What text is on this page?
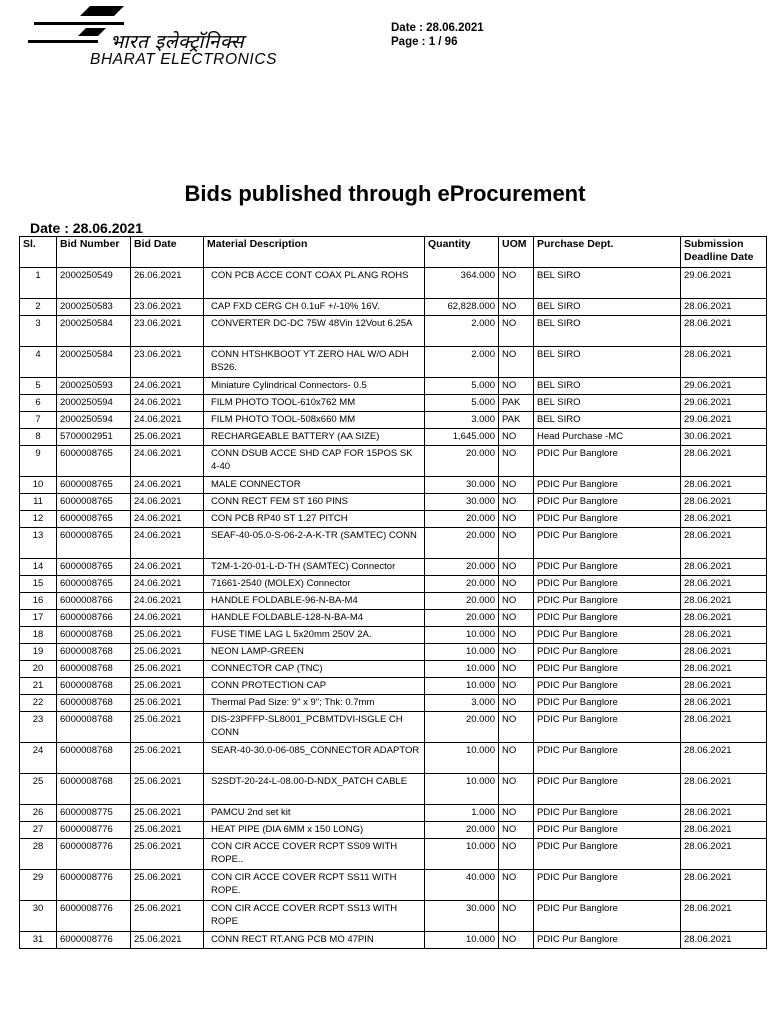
भारत इलेक्ट्रॉनिक्स
BHARAT ELECTRONICS
Date : 28.06.2021
Page : 1 / 96
Bids published through eProcurement
Date : 28.06.2021
Sl.	Bid Number	Bid Date	Material Description	Quantity	UOM	Purchase Dept.	Submission Deadline Date
1	2000250549	26.06.2021	CON PCB ACCE CONT COAX PL ANG ROHS	364.000	NO	BEL SIRO	29.06.2021
2	2000250583	23.06.2021	CAP FXD CERG CH 0.1uF +/-10% 16V.	62,828.000	NO	BEL SIRO	28.06.2021
3	2000250584	23.06.2021	CONVERTER DC-DC 75W 48Vin 12Vout 6.25A	2.000	NO	BEL SIRO	28.06.2021
4	2000250584	23.06.2021	CONN HTSHKBOOT YT ZERO HAL W/O ADH BS26.	2.000	NO	BEL SIRO	28.06.2021
5	2000250593	24.06.2021	Miniature Cylindrical Connectors- 0.5	5.000	NO	BEL SIRO	29.06.2021
6	2000250594	24.06.2021	FILM PHOTO TOOL-610x762 MM	5.000	PAK	BEL SIRO	29.06.2021
7	2000250594	24.06.2021	FILM PHOTO TOOL-508x660 MM	3.000	PAK	BEL SIRO	29.06.2021
8	5700002951	25.06.2021	RECHARGEABLE BATTERY (AA SIZE)	1,645.000	NO	Head Purchase -MC	30.06.2021
9	6000008765	24.06.2021	CONN DSUB ACCE SHD CAP FOR 15POS SK 4-40	20.000	NO	PDIC Pur Banglore	28.06.2021
10	6000008765	24.06.2021	MALE CONNECTOR	30.000	NO	PDIC Pur Banglore	28.06.2021
11	6000008765	24.06.2021	CONN RECT FEM ST 160 PINS	30.000	NO	PDIC Pur Banglore	28.06.2021
12	6000008765	24.06.2021	CON PCB RP40 ST 1.27 PITCH	20.000	NO	PDIC Pur Banglore	28.06.2021
13	6000008765	24.06.2021	SEAF-40-05.0-S-06-2-A-K-TR (SAMTEC) CONN	20.000	NO	PDIC Pur Banglore	28.06.2021
14	6000008765	24.06.2021	T2M-1-20-01-L-D-TH (SAMTEC) Connector	20.000	NO	PDIC Pur Banglore	28.06.2021
15	6000008765	24.06.2021	71661-2540 (MOLEX) Connector	20.000	NO	PDIC Pur Banglore	28.06.2021
16	6000008766	24.06.2021	HANDLE FOLDABLE-96-N-BA-M4	20.000	NO	PDIC Pur Banglore	28.06.2021
17	6000008766	24.06.2021	HANDLE FOLDABLE-128-N-BA-M4	20.000	NO	PDIC Pur Banglore	28.06.2021
18	6000008768	25.06.2021	FUSE TIME LAG L 5x20mm 250V 2A.	10.000	NO	PDIC Pur Banglore	28.06.2021
19	6000008768	25.06.2021	NEON LAMP-GREEN	10.000	NO	PDIC Pur Banglore	28.06.2021
20	6000008768	25.06.2021	CONNECTOR CAP (TNC)	10.000	NO	PDIC Pur Banglore	28.06.2021
21	6000008768	25.06.2021	CONN PROTECTION CAP	10.000	NO	PDIC Pur Banglore	28.06.2021
22	6000008768	25.06.2021	Thermal Pad Size: 9" x 9"; Thk: 0.7mm	3.000	NO	PDIC Pur Banglore	28.06.2021
23	6000008768	25.06.2021	DIS-23PFFP-SL8001_PCBMTDVI-ISGLE CH CONN	20.000	NO	PDIC Pur Banglore	28.06.2021
24	6000008768	25.06.2021	SEAR-40-30.0-06-085_CONNECTOR ADAPTOR	10.000	NO	PDIC Pur Banglore	28.06.2021
25	6000008768	25.06.2021	S2SDT-20-24-L-08.00-D-NDX_PATCH CABLE	10.000	NO	PDIC Pur Banglore	28.06.2021
26	6000008775	25.06.2021	PAMCU 2nd set kit	1.000	NO	PDIC Pur Banglore	28.06.2021
27	6000008776	25.06.2021	HEAT PIPE (DIA 6MM x 150 LONG)	20.000	NO	PDIC Pur Banglore	28.06.2021
28	6000008776	25.06.2021	CON CIR ACCE COVER RCPT SS09 WITH ROPE..	10.000	NO	PDIC Pur Banglore	28.06.2021
29	6000008776	25.06.2021	CON CIR ACCE COVER RCPT SS11 WITH ROPE.	40.000	NO	PDIC Pur Banglore	28.06.2021
30	6000008776	25.06.2021	CON CIR ACCE COVER RCPT SS13 WITH ROPE	30.000	NO	PDIC Pur Banglore	28.06.2021
31	6000008776	25.06.2021	CONN RECT RT.ANG PCB MO 47PIN	10.000	NO	PDIC Pur Banglore	28.06.2021
